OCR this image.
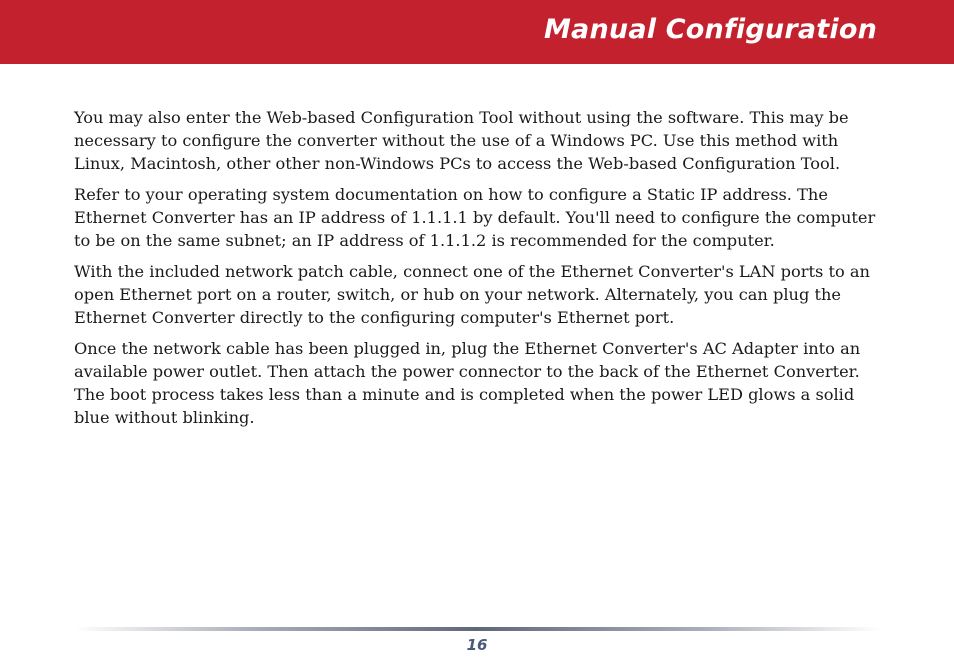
Manual Configuration

You may also enter the Web-based Configuration Tool without using the software. This may be necessary to configure the converter without the use of a Windows PC. Use this method with Linux, Macintosh, other other non-Windows PCs to access the Web-based Configuration Tool.

Refer to your operating system documentation on how to configure a Static IP address. The Ethernet Converter has an IP address of 1.1.1.1 by default. You'll need to configure the computer to be on the same subnet; an IP address of 1.1.1.2 is recommended for the computer.

With the included network patch cable, connect one of the Ethernet Converter's LAN ports to an open Ethernet port on a router, switch, or hub on your network. Alternately, you can plug the Ethernet Converter directly to the configuring computer's Ethernet port.

Once the network cable has been plugged in, plug the Ethernet Converter's AC Adapter into an available power outlet. Then attach the power connector to the back of the Ethernet Converter. The boot process takes less than a minute and is completed when the power LED glows a solid blue without blinking.

16
